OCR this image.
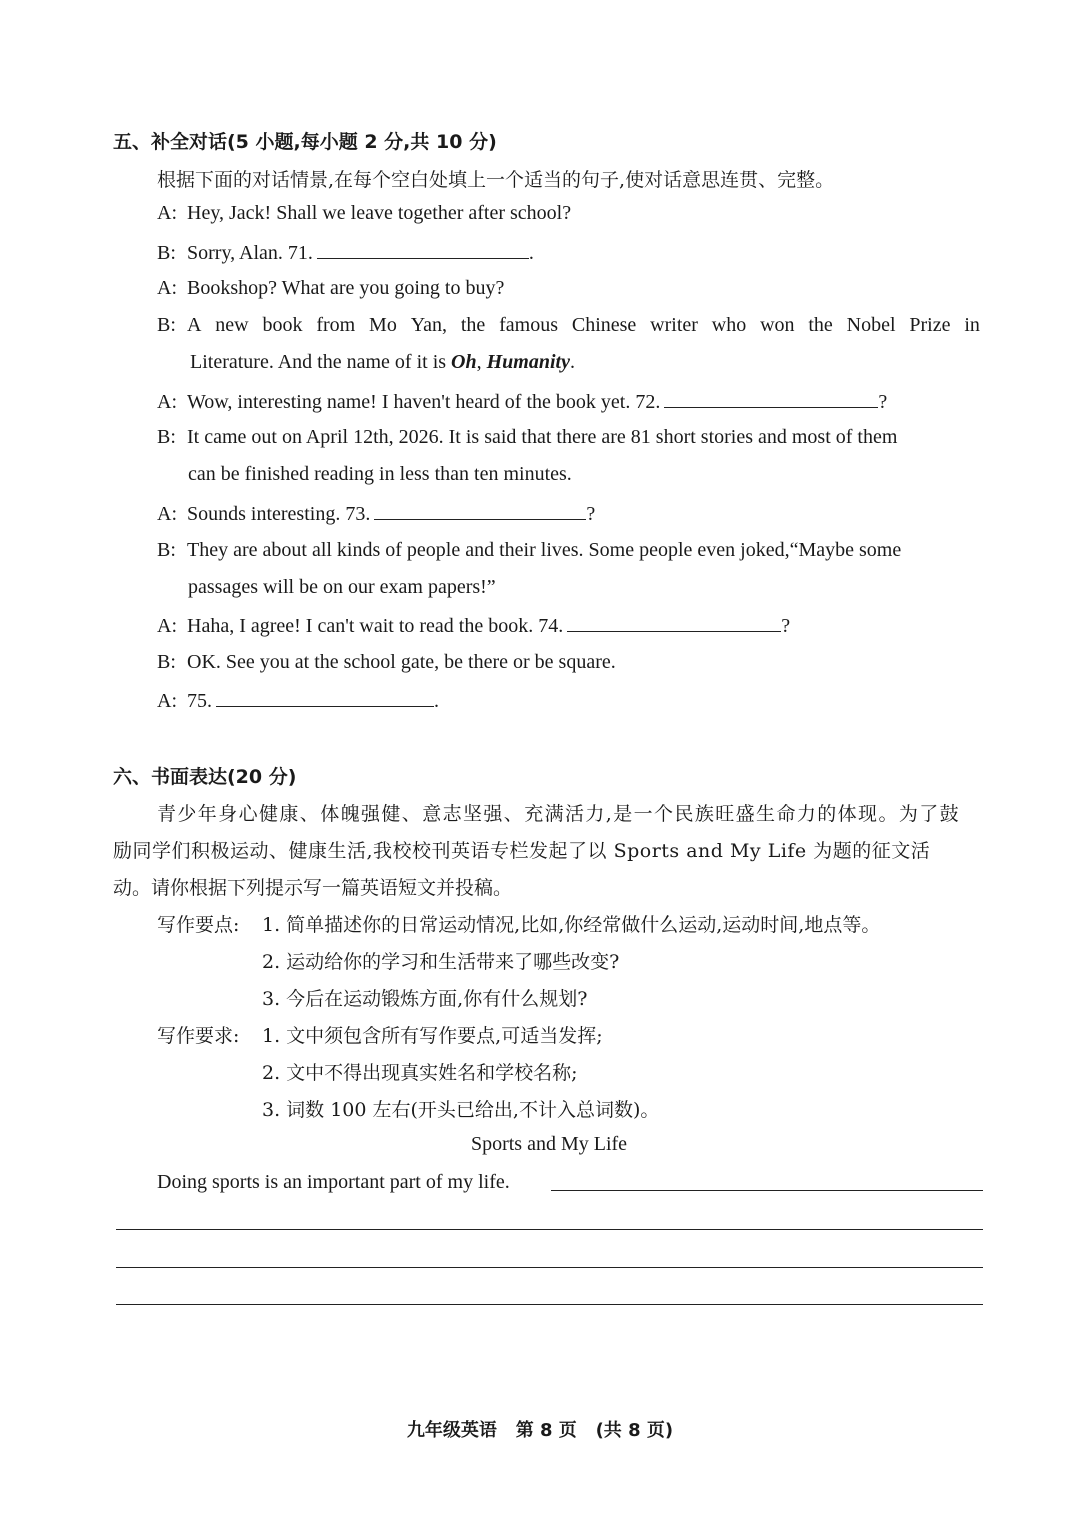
五、补全对话(5 小题,每小题 2 分,共 10 分)
根据下面的对话情景,在每个空白处填上一个适当的句子,使对话意思连贯、完整。
A: Hey, Jack! Shall we leave together after school?
B: Sorry, Alan. 71.	.
A: Bookshop? What are you going to buy?
B: A new book from Mo Yan, the famous Chinese writer who won the Nobel Prize in
Literature. And the name of it is Oh, Humanity.
A: Wow, interesting name! I haven't heard of the book yet. 72.	?
B: It came out on April 12th, 2026. It is said that there are 81 short stories and most of them
can be finished reading in less than ten minutes.
A: Sounds interesting. 73.	?
B: They are about all kinds of people and their lives. Some people even joked,“Maybe some
passages will be on our exam papers!”
A: Haha, I agree! I can't wait to read the book. 74.	?
B: OK. See you at the school gate, be there or be square.
A: 75.	.
六、书面表达(20 分)
青少年身心健康、体魄强健、意志坚强、充满活力,是一个民族旺盛生命力的体现。为了鼓
励同学们积极运动、健康生活,我校校刊英语专栏发起了以 Sports and My Life 为题的征文活
动。请你根据下列提示写一篇英语短文并投稿。
写作要点: 1. 简单描述你的日常运动情况,比如,你经常做什么运动,运动时间,地点等。
2. 运动给你的学习和生活带来了哪些改变?
3. 今后在运动锻炼方面,你有什么规划?
写作要求: 1. 文中须包含所有写作要点,可适当发挥;
2. 文中不得出现真实姓名和学校名称;
3. 词数 100 左右(开头已给出,不计入总词数)。
Sports and My Life
Doing sports is an important part of my life.
九年级英语 第 8 页 (共 8 页)
